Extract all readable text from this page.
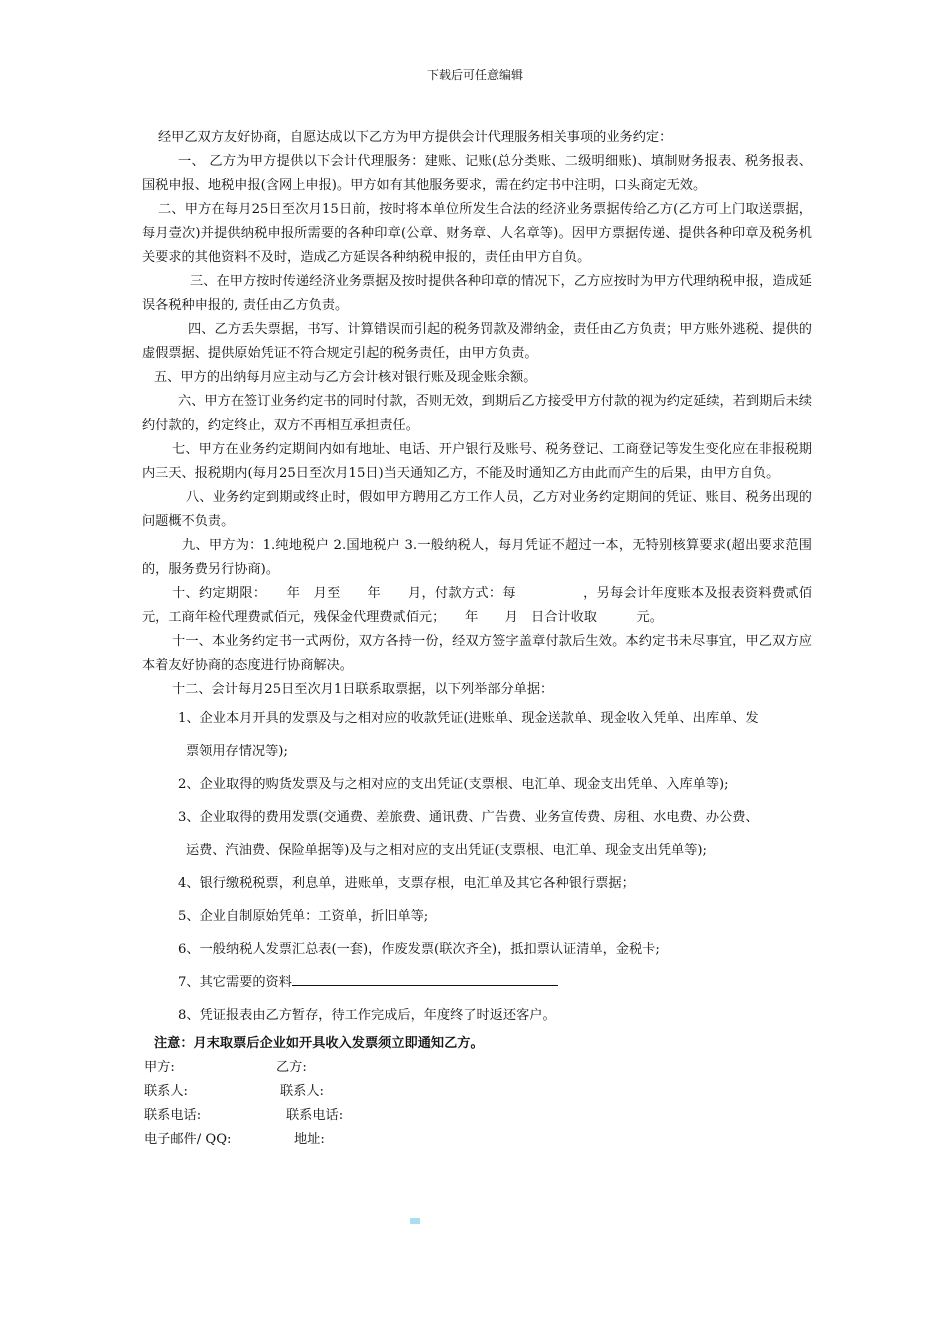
下载后可任意编辑

经甲乙双方友好协商，自愿达成以下乙方为甲方提供会计代理服务相关事项的业务约定：

一、 乙方为甲方提供以下会计代理服务：建账、记账(总分类账、二级明细账)、填制财务报表、税务报表、国税申报、地税申报(含网上申报)。甲方如有其他服务要求，需在约定书中注明，口头商定无效。

二、甲方在每月25日至次月15日前，按时将本单位所发生合法的经济业务票据传给乙方(乙方可上门取送票据，每月壹次)并提供纳税申报所需要的各种印章(公章、财务章、人名章等)。因甲方票据传递、提供各种印章及税务机关要求的其他资料不及时，造成乙方延误各种纳税申报的，责任由甲方自负。

三、在甲方按时传递经济业务票据及按时提供各种印章的情况下，乙方应按时为甲方代理纳税申报，造成延误各税种申报的, 责任由乙方负责。

四、乙方丢失票据，书写、计算错误而引起的税务罚款及滞纳金，责任由乙方负责；甲方账外逃税、提供的虚假票据、提供原始凭证不符合规定引起的税务责任，由甲方负责。

五、甲方的出纳每月应主动与乙方会计核对银行账及现金账余额。

六、甲方在签订业务约定书的同时付款，否则无效，到期后乙方接受甲方付款的视为约定延续，若到期后未续约付款的，约定终止，双方不再相互承担责任。

七、甲方在业务约定期间内如有地址、电话、开户银行及账号、税务登记、工商登记等发生变化应在非报税期内三天、报税期内(每月25日至次月15日)当天通知乙方，不能及时通知乙方由此而产生的后果，由甲方自负。

八、业务约定到期或终止时，假如甲方聘用乙方工作人员，乙方对业务约定期间的凭证、账目、税务出现的问题概不负责。

九、甲方为：1.纯地税户 2.国地税户 3.一般纳税人，每月凭证不超过一本，无特别核算要求(超出要求范围的，服务费另行协商)。

十、约定期限：　　年　月至　　年　　月，付款方式：每　　　　　，另每会计年度账本及报表资料费贰佰元，工商年检代理费贰佰元，残保金代理费贰佰元；　　年　　月　日合计收取　　　元。

十一、本业务约定书一式两份，双方各持一份，经双方签字盖章付款后生效。本约定书未尽事宜，甲乙双方应本着友好协商的态度进行协商解决。

十二、会计每月25日至次月1日联系取票据，以下列举部分单据：

1、企业本月开具的发票及与之相对应的收款凭证(进账单、现金送款单、现金收入凭单、出库单、发
票领用存情况等);
2、企业取得的购货发票及与之相对应的支出凭证(支票根、电汇单、现金支出凭单、入库单等);
3、企业取得的费用发票(交通费、差旅费、通讯费、广告费、业务宣传费、房租、水电费、办公费、
运费、汽油费、保险单据等)及与之相对应的支出凭证(支票根、电汇单、现金支出凭单等);
4、银行缴税税票，利息单，进账单，支票存根，电汇单及其它各种银行票据；
5、企业自制原始凭单：工资单，折旧单等;
6、一般纳税人发票汇总表(一套)，作废发票(联次齐全)，抵扣票认证清单，金税卡;
7、其它需要的资料
8、凭证报表由乙方暂存，待工作完成后，年度终了时返还客户。

注意：月末取票后企业如开具收入发票须立即通知乙方。

甲方:	乙方:
联系人:	联系人:
联系电话:	联系电话:
电子邮件/ QQ:	地址:
